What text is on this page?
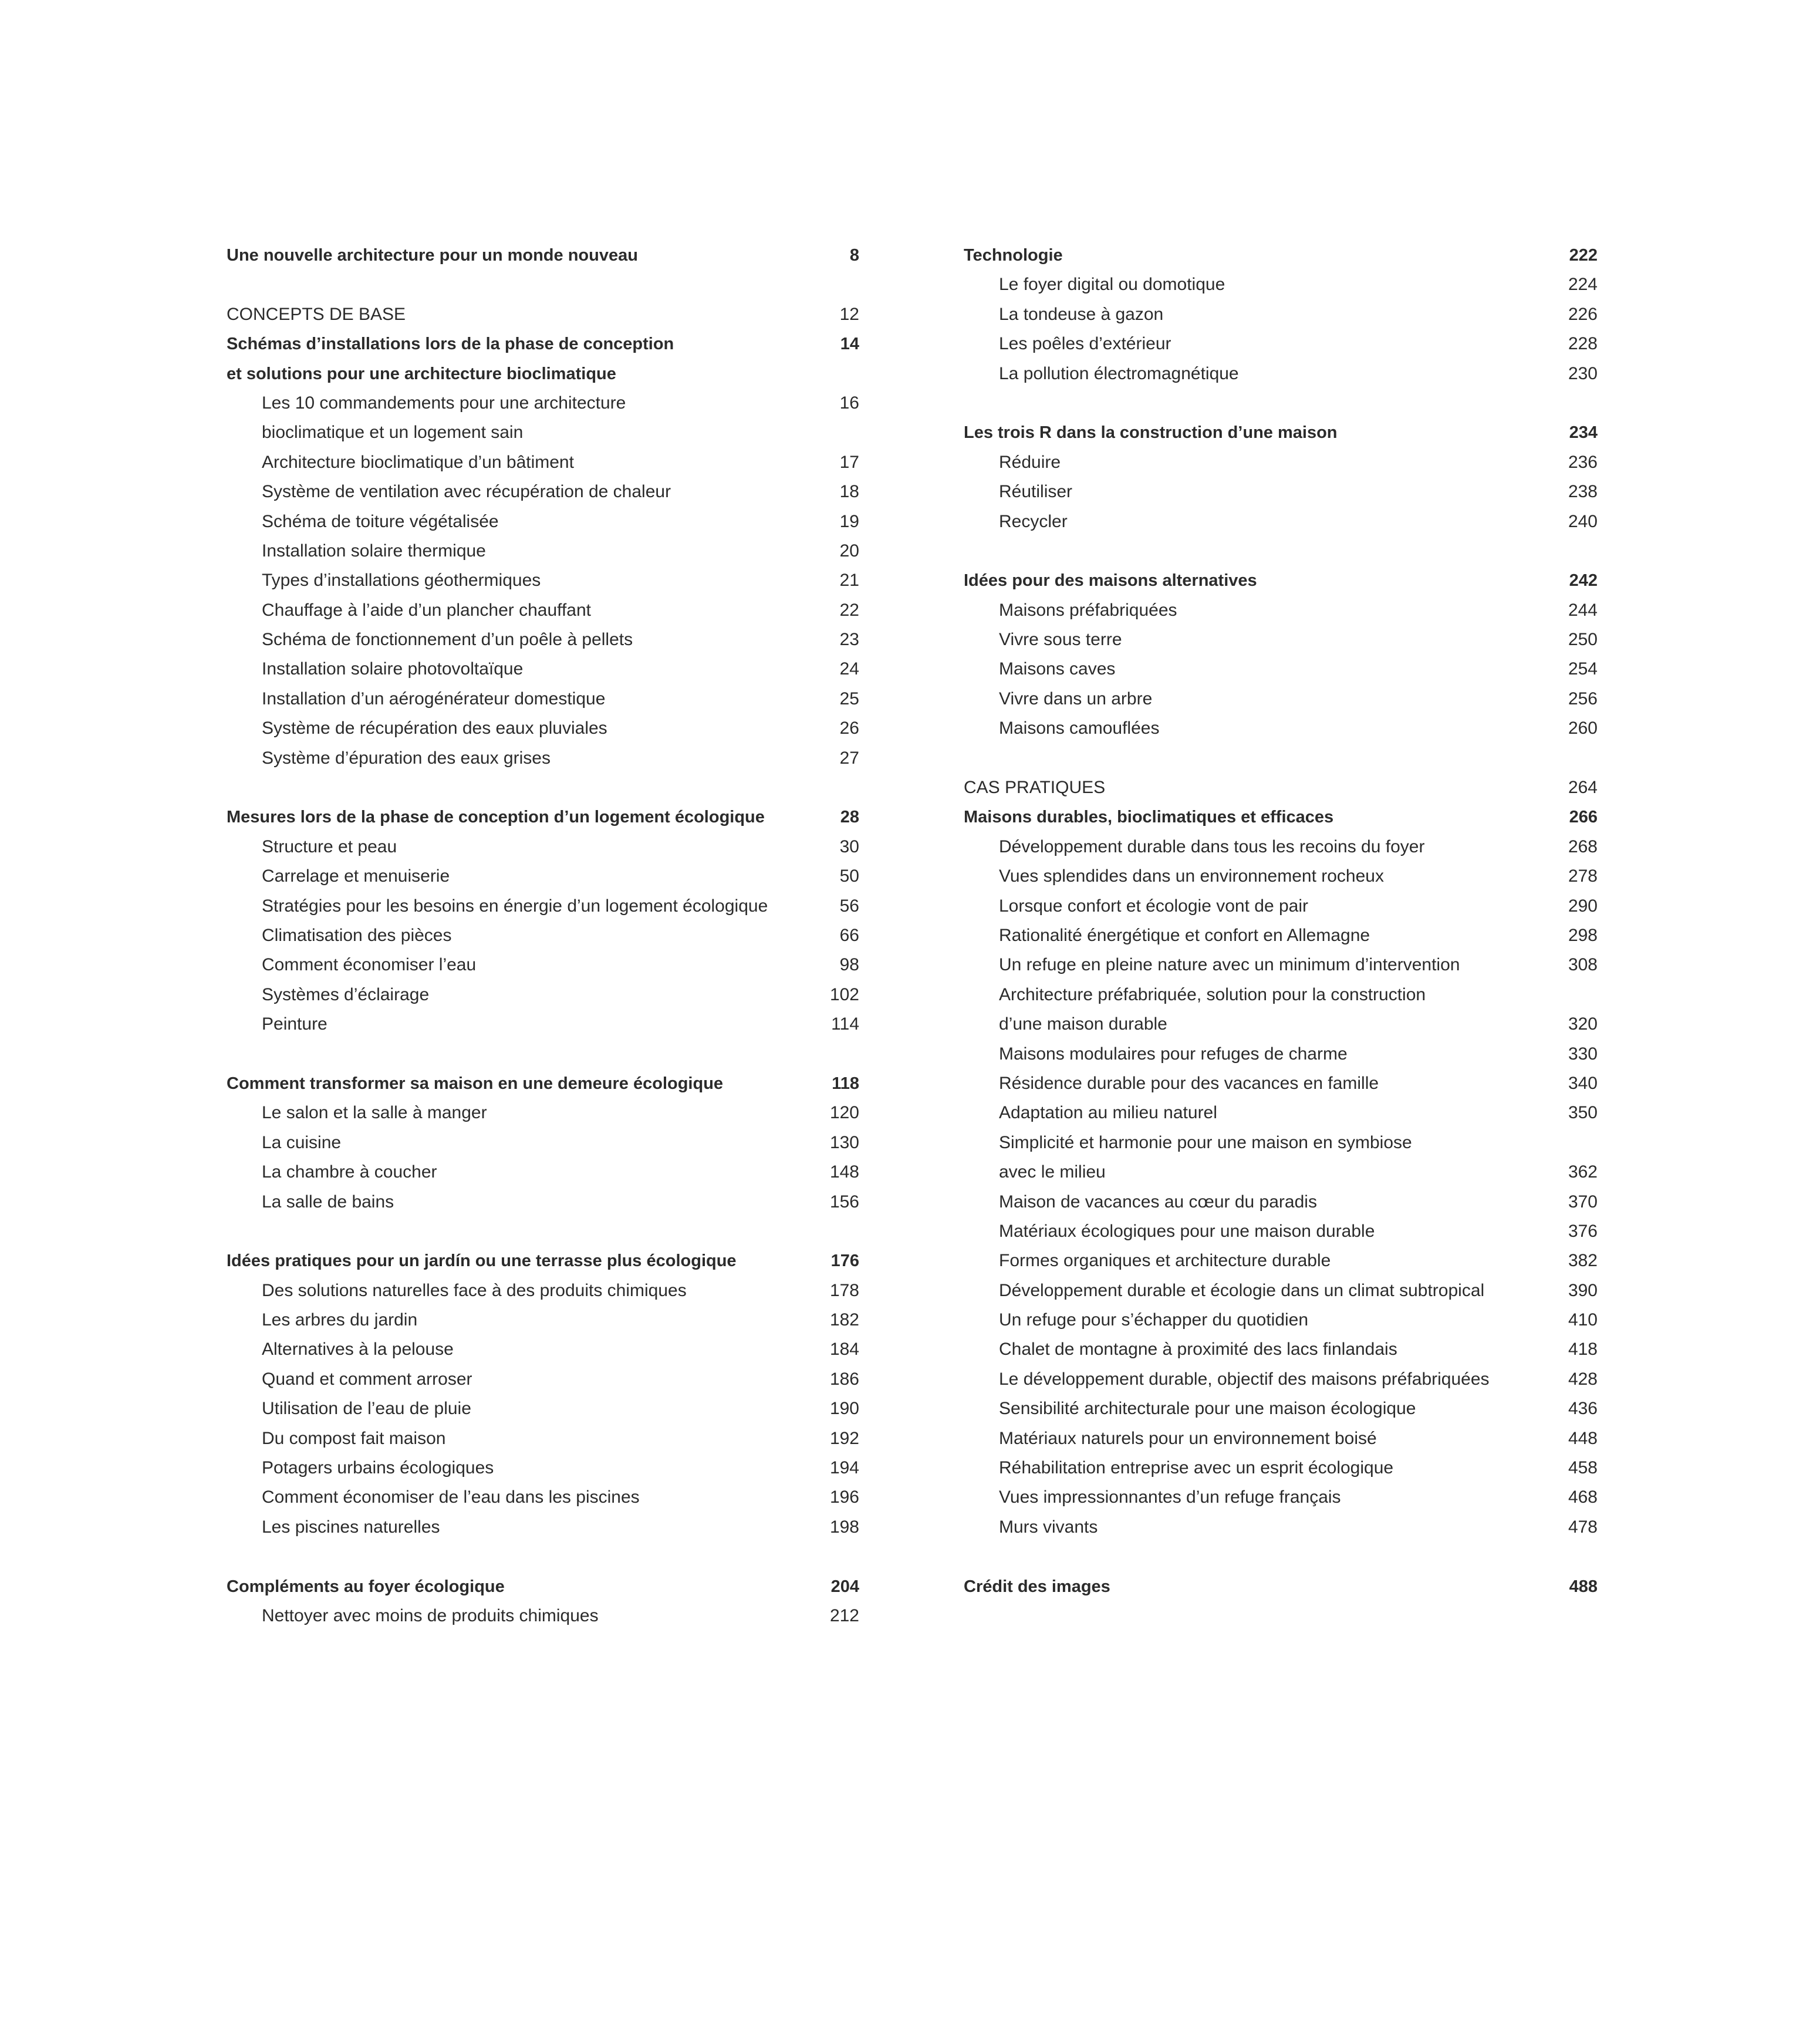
Une nouvelle architecture pour un monde nouveau	8
CONCEPTS DE BASE	12
Schémas d’installations lors de la phase de conception	14
et solutions pour une architecture bioclimatique
Les 10 commandements pour une architecture	16
bioclimatique et un logement sain
Architecture bioclimatique d’un bâtiment	17
Système de ventilation avec récupération de chaleur	18
Schéma de toiture végétalisée	19
Installation solaire thermique	20
Types d’installations géothermiques	21
Chauffage à l’aide d’un plancher chauffant	22
Schéma de fonctionnement d’un poêle à pellets	23
Installation solaire photovoltaïque	24
Installation d’un aérogénérateur domestique	25
Système de récupération des eaux pluviales	26
Système d’épuration des eaux grises	27
Mesures lors de la phase de conception d’un logement écologique	28
Structure et peau	30
Carrelage et menuiserie	50
Stratégies pour les besoins en énergie d’un logement écologique	56
Climatisation des pièces	66
Comment économiser l’eau	98
Systèmes d’éclairage	102
Peinture	114
Comment transformer sa maison en une demeure écologique	118
Le salon et la salle à manger	120
La cuisine	130
La chambre à coucher	148
La salle de bains	156
Idées pratiques pour un jardín ou une terrasse plus écologique	176
Des solutions naturelles face à des produits chimiques	178
Les arbres du jardin	182
Alternatives à la pelouse	184
Quand et comment arroser	186
Utilisation de l’eau de pluie	190
Du compost fait maison	192
Potagers urbains écologiques	194
Comment économiser de l’eau dans les piscines	196
Les piscines naturelles	198
Compléments au foyer écologique	204
Nettoyer avec moins de produits chimiques	212
Technologie	222
Le foyer digital ou domotique	224
La tondeuse à gazon	226
Les poêles d’extérieur	228
La pollution électromagnétique	230
Les trois R dans la construction d’une maison	234
Réduire	236
Réutiliser	238
Recycler	240
Idées pour des maisons alternatives	242
Maisons préfabriquées	244
Vivre sous terre	250
Maisons caves	254
Vivre dans un arbre	256
Maisons camouflées	260
CAS PRATIQUES	264
Maisons durables, bioclimatiques et efficaces	266
Développement durable dans tous les recoins du foyer	268
Vues splendides dans un environnement rocheux	278
Lorsque confort et écologie vont de pair	290
Rationalité énergétique et confort en Allemagne	298
Un refuge en pleine nature avec un minimum d’intervention	308
Architecture préfabriquée, solution pour la construction
d’une maison durable	320
Maisons modulaires pour refuges de charme	330
Résidence durable pour des vacances en famille	340
Adaptation au milieu naturel	350
Simplicité et harmonie pour une maison en symbiose
avec le milieu	362
Maison de vacances au cœur du paradis	370
Matériaux écologiques pour une maison durable	376
Formes organiques et architecture durable	382
Développement durable et écologie dans un climat subtropical	390
Un refuge pour s’échapper du quotidien	410
Chalet de montagne à proximité des lacs finlandais	418
Le développement durable, objectif des maisons préfabriquées	428
Sensibilité architecturale pour une maison écologique	436
Matériaux naturels pour un environnement boisé	448
Réhabilitation entreprise avec un esprit écologique	458
Vues impressionnantes d’un refuge français	468
Murs vivants	478
Crédit des images	488
